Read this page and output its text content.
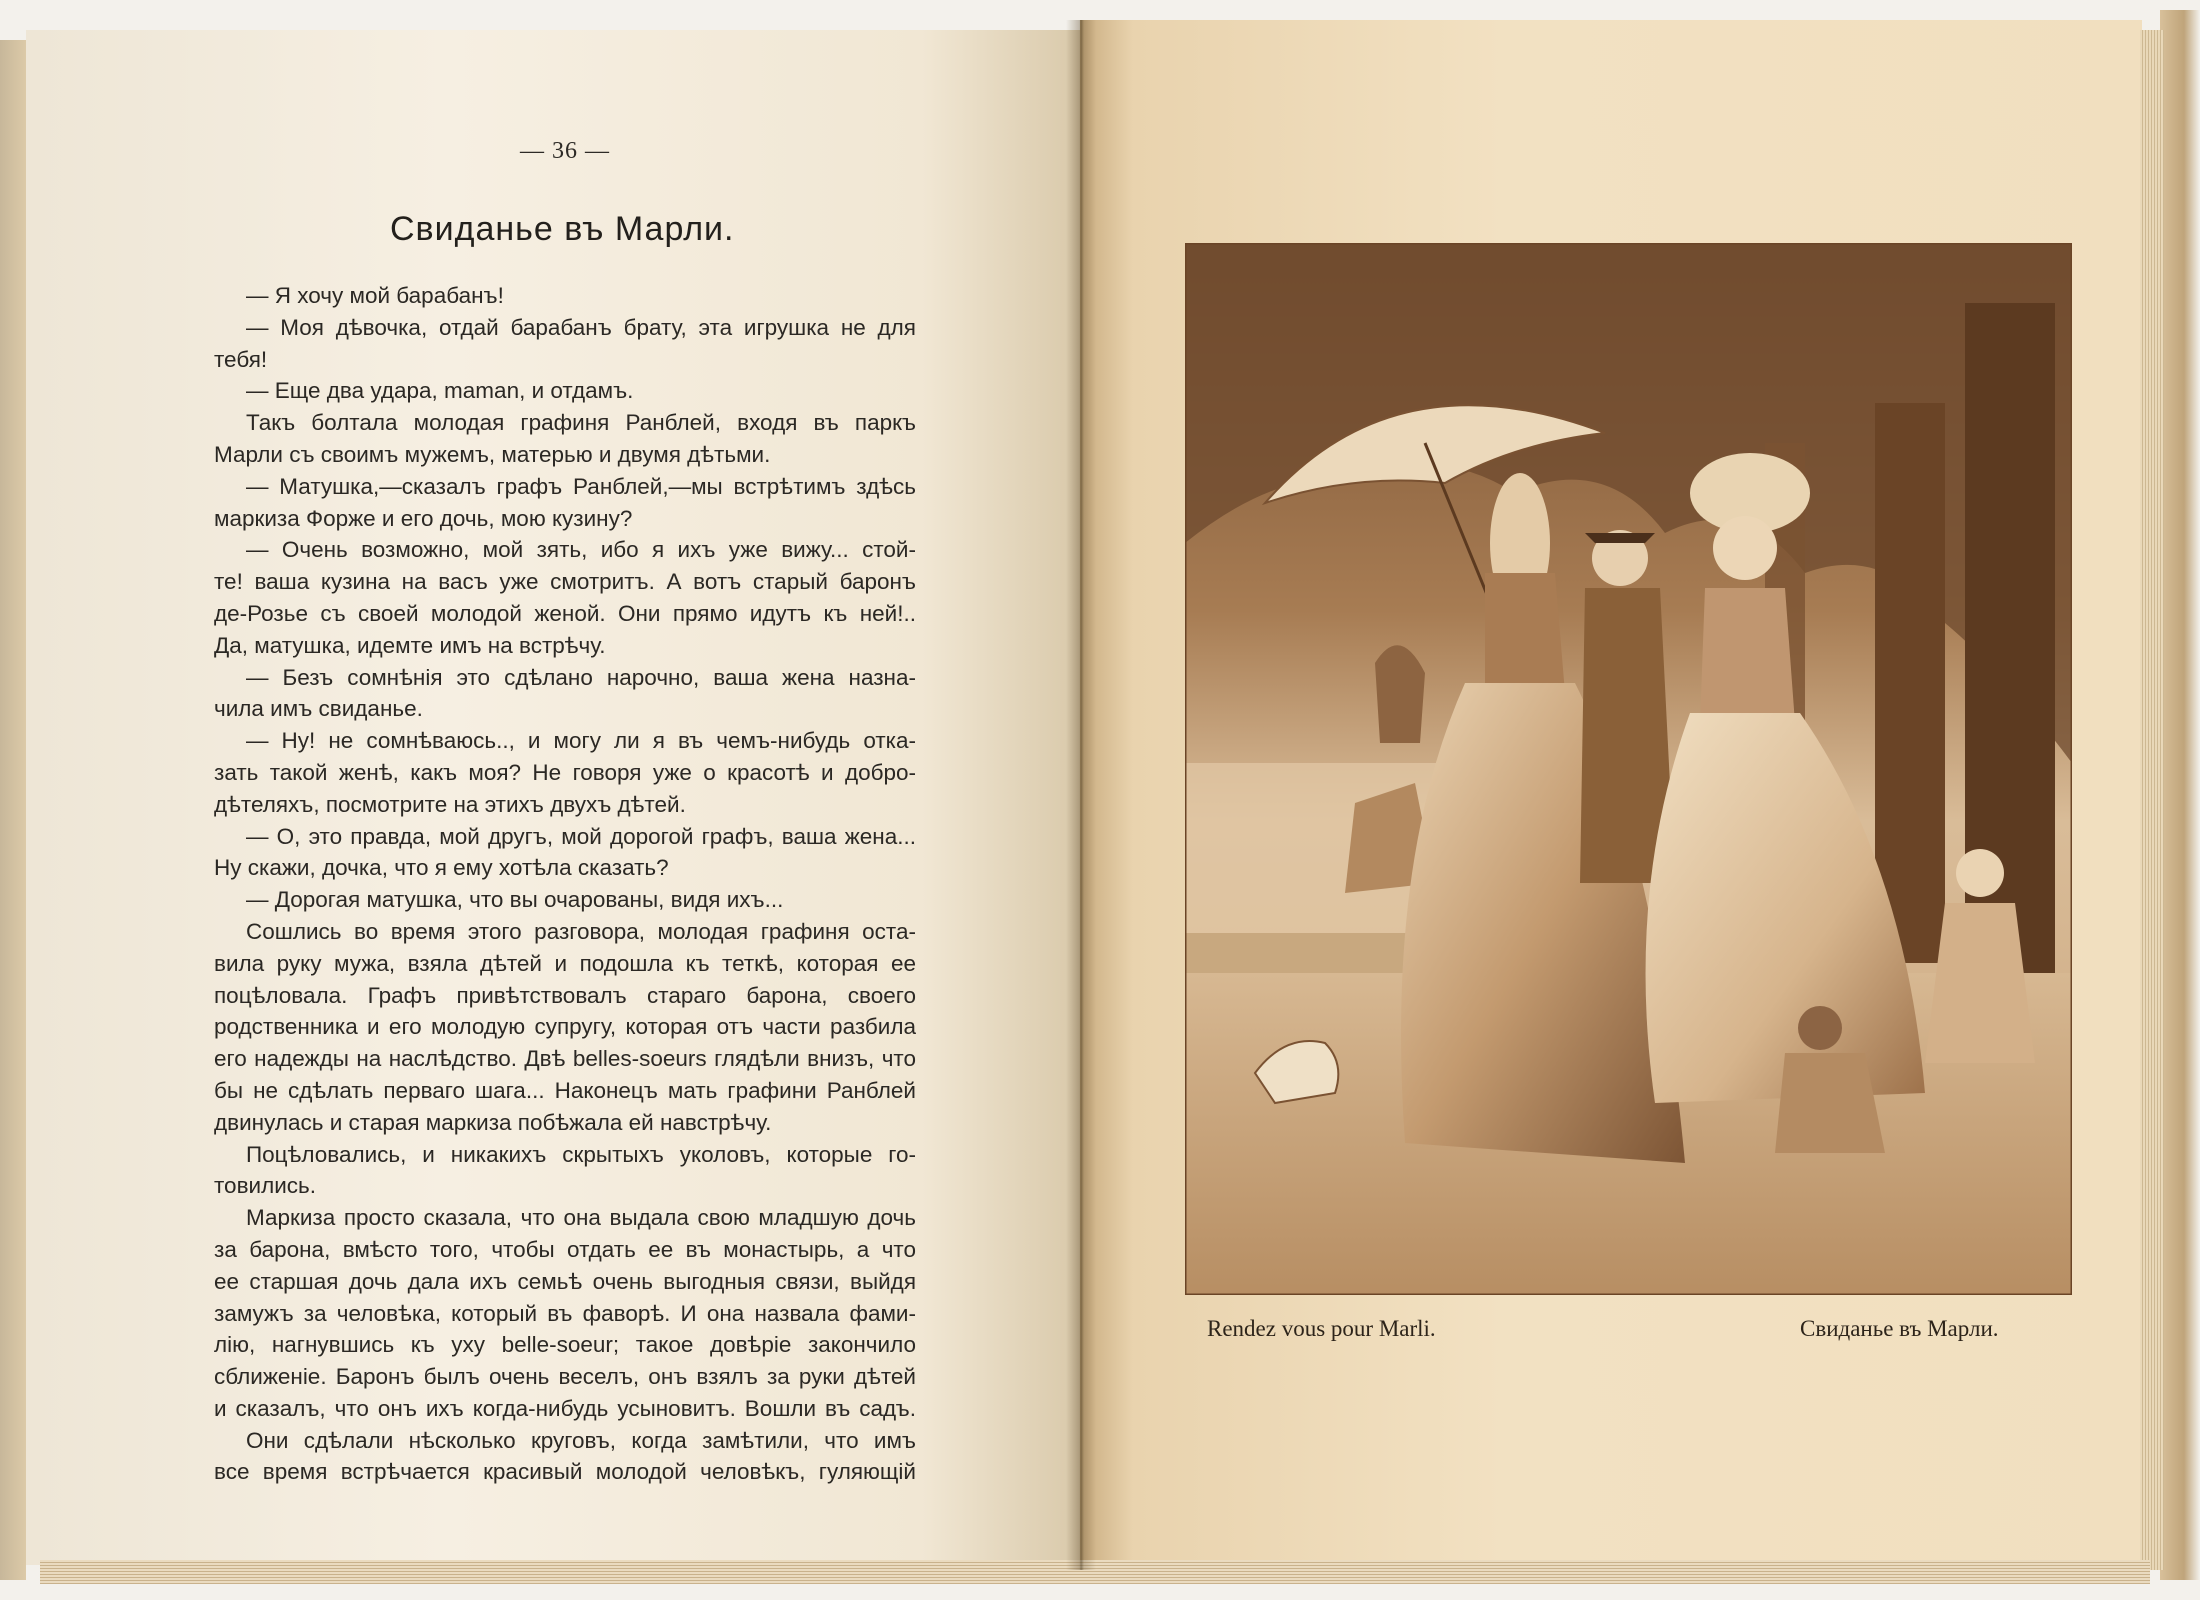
— 36 —
Свиданье въ Марли.
— Я хочу мой барабанъ!
— Моя дѣвочка, отдай барабанъ брату, эта игрушка не для
тебя!
— Еще два удара, maman, и отдамъ.
Такъ болтала молодая графиня Ранблей, входя въ паркъ
Марли съ своимъ мужемъ, матерью и двумя дѣтьми.
— Матушка,—сказалъ графъ Ранблей,—мы встрѣтимъ здѣсь
маркиза Форже и его дочь, мою кузину?
— Очень возможно, мой зять, ибо я ихъ уже вижу... стой-
те! ваша кузина на васъ уже смотритъ. А вотъ старый баронъ
де-Розье съ своей молодой женой. Они прямо идутъ къ ней!..
Да, матушка, идемте имъ на встрѣчу.
— Безъ сомнѣнія это сдѣлано нарочно, ваша жена назна-
чила имъ свиданье.
— Ну! не сомнѣваюсь.., и могу ли я въ чемъ-нибудь отка-
зать такой женѣ, какъ моя? Не говоря уже о красотѣ и добро-
дѣтеляхъ, посмотрите на этихъ двухъ дѣтей.
— О, это правда, мой другъ, мой дорогой графъ, ваша жена...
Ну скажи, дочка, что я ему хотѣла сказать?
— Дорогая матушка, что вы очарованы, видя ихъ...
Сошлись во время этого разговора, молодая графиня оста-
вила руку мужа, взяла дѣтей и подошла къ теткѣ, которая ее
поцѣловала. Графъ привѣтствовалъ стараго барона, своего
родственника и его молодую супругу, которая отъ части разбила
его надежды на наслѣдство. Двѣ belles-soeurs глядѣли внизъ, что
бы не сдѣлать перваго шага... Наконецъ мать графини Ранблей
двинулась и старая маркиза побѣжала ей навстрѣчу.
Поцѣловались, и никакихъ скрытыхъ уколовъ, которые го-
товились.
Маркиза просто сказала, что она выдала свою младшую дочь
за барона, вмѣсто того, чтобы отдать ее въ монастырь, а что
ее старшая дочь дала ихъ семьѣ очень выгодныя связи, выйдя
замужъ за человѣка, который въ фаворѣ. И она назвала фами-
лію, нагнувшись къ уху belle-soeur; такое довѣріе закончило
сближеніе. Баронъ былъ очень веселъ, онъ взялъ за руки дѣтей
и сказалъ, что онъ ихъ когда-нибудь усыновитъ. Вошли въ садъ.
Они сдѣлали нѣсколько круговъ, когда замѣтили, что имъ
все время встрѣчается красивый молодой человѣкъ, гуляющій
Rendez vous pour Marli.	Свиданье въ Марли.
